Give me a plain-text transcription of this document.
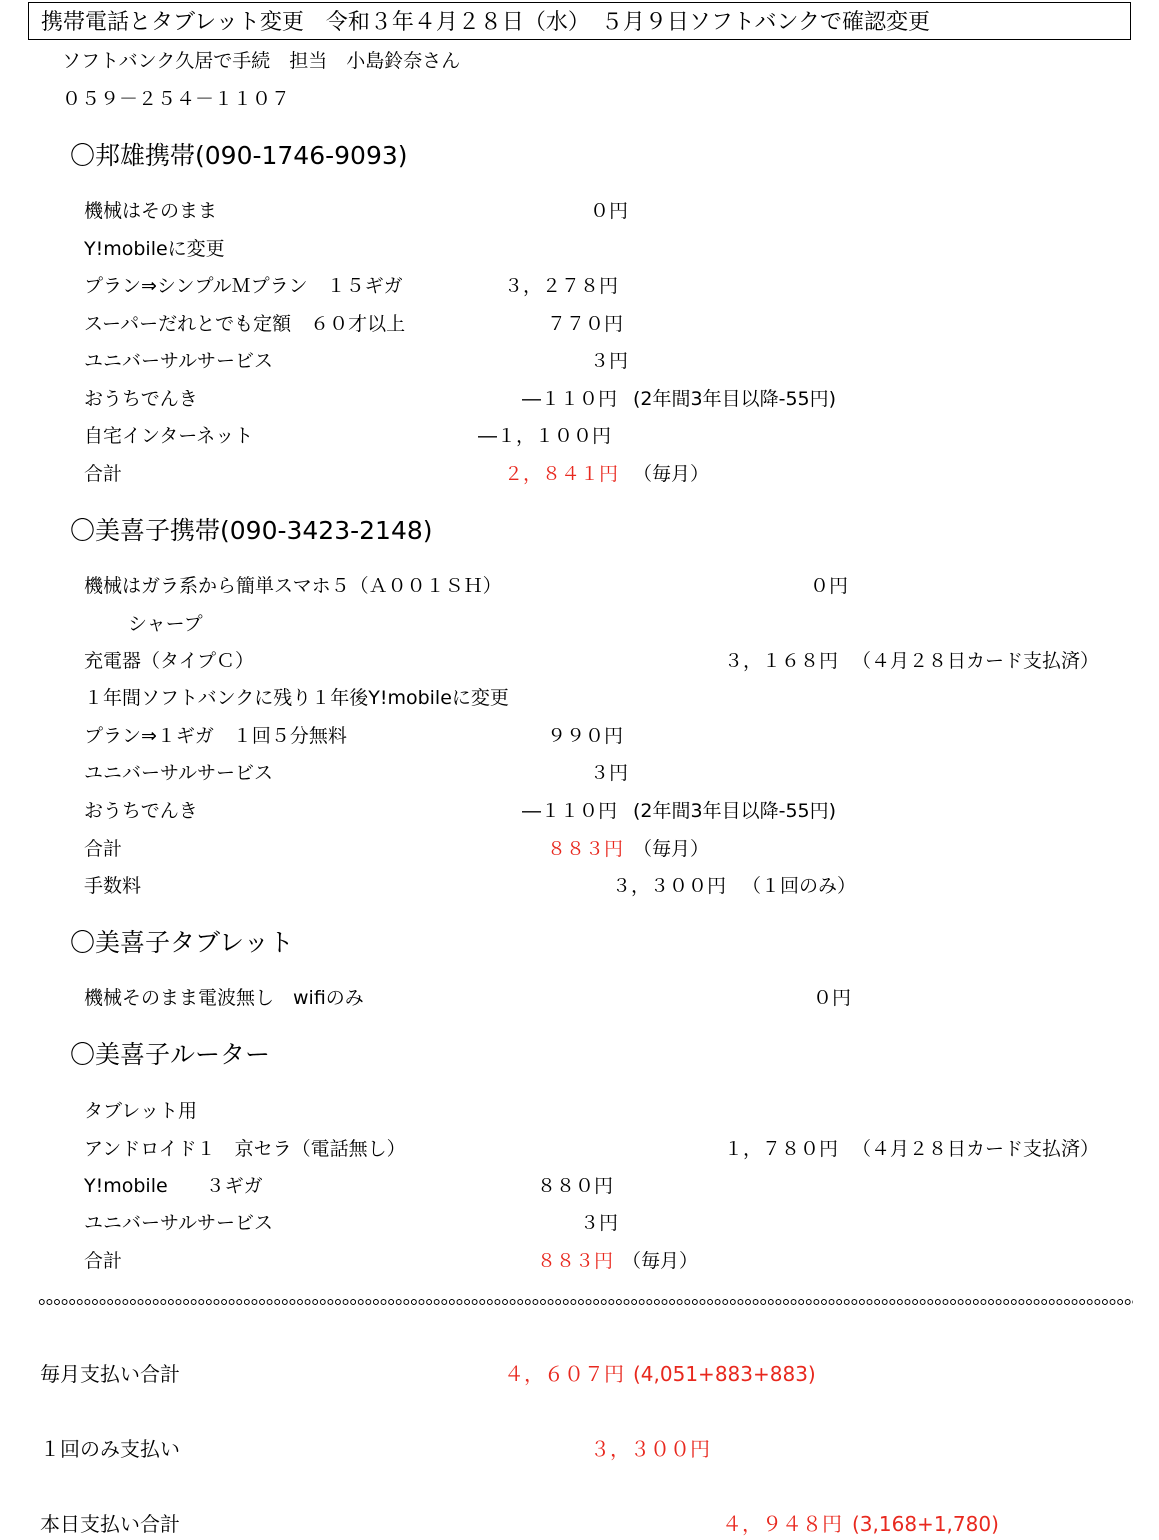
携帯電話とタブレット変更　令和３年４月２８日（水）　５月９日ソフトバンクで確認変更
ソフトバンク久居で手続　担当　小島鈴奈さん
０５９－２５４－１１０７
〇邦雄携帯(090-1746-9093)
機械はそのまま	０円
Y!mobileに変更
プラン⇒シンプルＭプラン　１５ギガ	３，２７８円
スーパーだれとでも定額　６０才以上	７７０円
ユニバーサルサービス	３円
おうちでんき	―１１０円 (2年間3年目以降-55円)
自宅インターネット	―１，１００円
合計	２，８４１円 （毎月）
〇美喜子携帯(090-3423-2148)
機械はガラ系から簡単スマホ５（Ａ００１ＳＨ）	０円
シャープ
充電器（タイプＣ）	３，１６８円 （４月２８日カード支払済）
１年間ソフトバンクに残り１年後Y!mobileに変更
プラン⇒１ギガ　１回５分無料	９９０円
ユニバーサルサービス	３円
おうちでんき	―１１０円 (2年間3年目以降-55円)
合計	８８３円 （毎月）
手数料	３，３００円 （１回のみ）
〇美喜子タブレット
機械そのまま電波無し　wifiのみ	０円
〇美喜子ルーター
タブレット用
アンドロイド１　京セラ（電話無し）	１，７８０円 （４月２８日カード支払済）
Y!mobile　　３ギガ	８８０円
ユニバーサルサービス	３円
合計	８８３円 （毎月）
毎月支払い合計	４，６０７円 (4,051+883+883)
１回のみ支払い	３，３００円
本日支払い合計	４，９４８円 (3,168+1,780)
